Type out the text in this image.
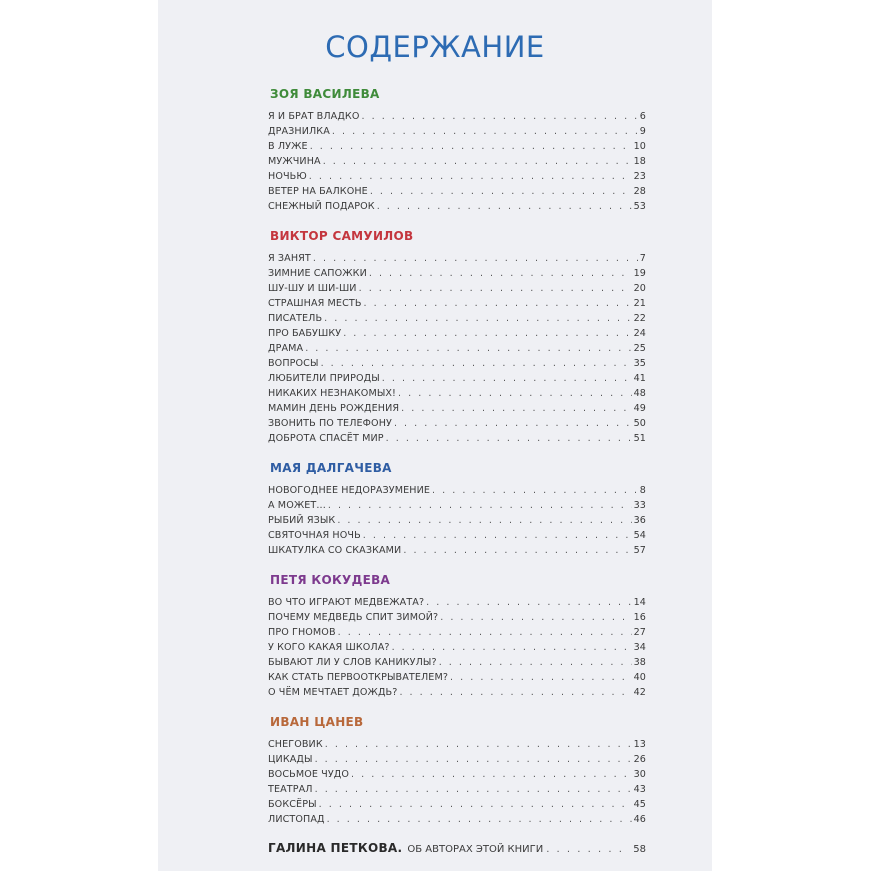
СОДЕРЖАНИЕ
ЗОЯ ВАСИЛЕВА
Я И БРАТ ВЛАДКО . . .	6
ДРАЗНИЛКА . . .	9
В ЛУЖЕ . . .	10
МУЖЧИНА . . .	18
НОЧЬЮ . . .	23
ВЕТЕР НА БАЛКОНЕ . . .	28
СНЕЖНЫЙ ПОДАРОК . . .	53
ВИКТОР САМУИЛОВ
Я ЗАНЯТ . . .	7
ЗИМНИЕ САПОЖКИ . . .	19
ШУ-ШУ И ШИ-ШИ . . .	20
СТРАШНАЯ МЕСТЬ . . .	21
ПИСАТЕЛЬ . . .	22
ПРО БАБУШКУ . . .	24
ДРАМА . . .	25
ВОПРОСЫ . . .	35
ЛЮБИТЕЛИ ПРИРОДЫ . . .	41
НИКАКИХ НЕЗНАКОМЫХ! . . .	48
МАМИН ДЕНЬ РОЖДЕНИЯ . . .	49
ЗВОНИТЬ ПО ТЕЛЕФОНУ . . .	50
ДОБРОТА СПАСЁТ МИР . . .	51
МАЯ ДАЛГАЧЕВА
НОВОГОДНЕЕ НЕДОРАЗУМЕНИЕ . . .	8
А МОЖЕТ... . . .	33
РЫБИЙ ЯЗЫК . . .	36
СВЯТОЧНАЯ НОЧЬ . . .	54
ШКАТУЛКА СО СКАЗКАМИ . . .	57
ПЕТЯ КОКУДЕВА
ВО ЧТО ИГРАЮТ МЕДВЕЖАТА? . . .	14
ПОЧЕМУ МЕДВЕДЬ СПИТ ЗИМОЙ? . . .	16
ПРО ГНОМОВ . . .	27
У КОГО КАКАЯ ШКОЛА? . . .	34
БЫВАЮТ ЛИ У СЛОВ КАНИКУЛЫ? . . .	38
КАК СТАТЬ ПЕРВООТКРЫВАТЕЛЕМ? . . .	40
О ЧЁМ МЕЧТАЕТ ДОЖДЬ? . . .	42
ИВАН ЦАНЕВ
СНЕГОВИК . . .	13
ЦИКАДЫ . . .	26
ВОСЬМОЕ ЧУДО . . .	30
ТЕАТРАЛ . . .	43
БОКСЁРЫ . . .	45
ЛИСТОПАД . . .	46
ГАЛИНА ПЕТКОВА. ОБ АВТОРАХ ЭТОЙ КНИГИ . . .	58
